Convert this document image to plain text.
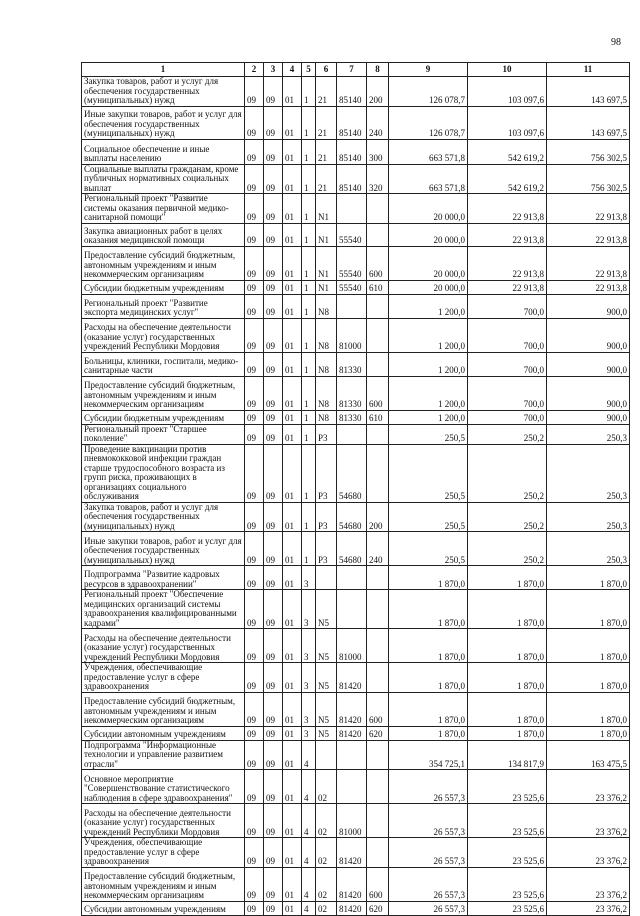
98
1	2	3	4	5	6	7	8	9	10	11
Закупка товаров, работ и услуг для обеспечения государственных (муниципальных) нужд	09	09	01	1	21	85140	200	126 078,7	103 097,6	143 697,5
Иные закупки товаров, работ и услуг для обеспечения государственных (муниципальных) нужд	09	09	01	1	21	85140	240	126 078,7	103 097,6	143 697,5
Социальное обеспечение и иные выплаты населению	09	09	01	1	21	85140	300	663 571,8	542 619,2	756 302,5
Социальные выплаты гражданам, кроме публичных нормативных социальных выплат	09	09	01	1	21	85140	320	663 571,8	542 619,2	756 302,5
Региональный проект "Развитие системы оказания первичной медико-санитарной помощи"	09	09	01	1	N1			20 000,0	22 913,8	22 913,8
Закупка авиационных работ в целях оказания медицинской помощи	09	09	01	1	N1	55540		20 000,0	22 913,8	22 913,8
Предоставление субсидий бюджетным, автономным учреждениям и иным некоммерческим организациям	09	09	01	1	N1	55540	600	20 000,0	22 913,8	22 913,8
Субсидии бюджетным учреждениям	09	09	01	1	N1	55540	610	20 000,0	22 913,8	22 913,8
Региональный проект "Развитие экспорта медицинских услуг"	09	09	01	1	N8			1 200,0	700,0	900,0
Расходы на обеспечение деятельности (оказание услуг) государственных учреждений Республики Мордовия	09	09	01	1	N8	81000		1 200,0	700,0	900,0
Больницы, клиники, госпитали, медико-санитарные части	09	09	01	1	N8	81330		1 200,0	700,0	900,0
Предоставление субсидий бюджетным, автономным учреждениям и иным некоммерческим организациям	09	09	01	1	N8	81330	600	1 200,0	700,0	900,0
Субсидии бюджетным учреждениям	09	09	01	1	N8	81330	610	1 200,0	700,0	900,0
Региональный проект "Старшее поколение"	09	09	01	1	P3			250,5	250,2	250,3
Проведение вакцинации против пневмококковой инфекции граждан старше трудоспособного возраста из групп риска, проживающих в организациях социального обслуживания	09	09	01	1	P3	54680		250,5	250,2	250,3
Закупка товаров, работ и услуг для обеспечения государственных (муниципальных) нужд	09	09	01	1	P3	54680	200	250,5	250,2	250,3
Иные закупки товаров, работ и услуг для обеспечения государственных (муниципальных) нужд	09	09	01	1	P3	54680	240	250,5	250,2	250,3
Подпрограмма "Развитие кадровых ресурсов в здравоохранении"	09	09	01	3				1 870,0	1 870,0	1 870,0
Региональный проект "Обеспечение медицинских организаций системы здравоохранения квалифицированными кадрами"	09	09	01	3	N5			1 870,0	1 870,0	1 870,0
Расходы на обеспечение деятельности (оказание услуг) государственных учреждений Республики Мордовия	09	09	01	3	N5	81000		1 870,0	1 870,0	1 870,0
Учреждения, обеспечивающие предоставление услуг в сфере здравоохранения	09	09	01	3	N5	81420		1 870,0	1 870,0	1 870,0
Предоставление субсидий бюджетным, автономным учреждениям и иным некоммерческим организациям	09	09	01	3	N5	81420	600	1 870,0	1 870,0	1 870,0
Субсидии автономным учреждениям	09	09	01	3	N5	81420	620	1 870,0	1 870,0	1 870,0
Подпрограмма "Информационные технологии и управление развитием отрасли"	09	09	01	4				354 725,1	134 817,9	163 475,5
Основное мероприятие "Совершенствование статистического наблюдения в сфере здравоохранения"	09	09	01	4	02			26 557,3	23 525,6	23 376,2
Расходы на обеспечение деятельности (оказание услуг) государственных учреждений Республики Мордовия	09	09	01	4	02	81000		26 557,3	23 525,6	23 376,2
Учреждения, обеспечивающие предоставление услуг в сфере здравоохранения	09	09	01	4	02	81420		26 557,3	23 525,6	23 376,2
Предоставление субсидий бюджетным, автономным учреждениям и иным некоммерческим организациям	09	09	01	4	02	81420	600	26 557,3	23 525,6	23 376,2
Субсидии автономным учреждениям	09	09	01	4	02	81420	620	26 557,3	23 525,6	23 376,2
